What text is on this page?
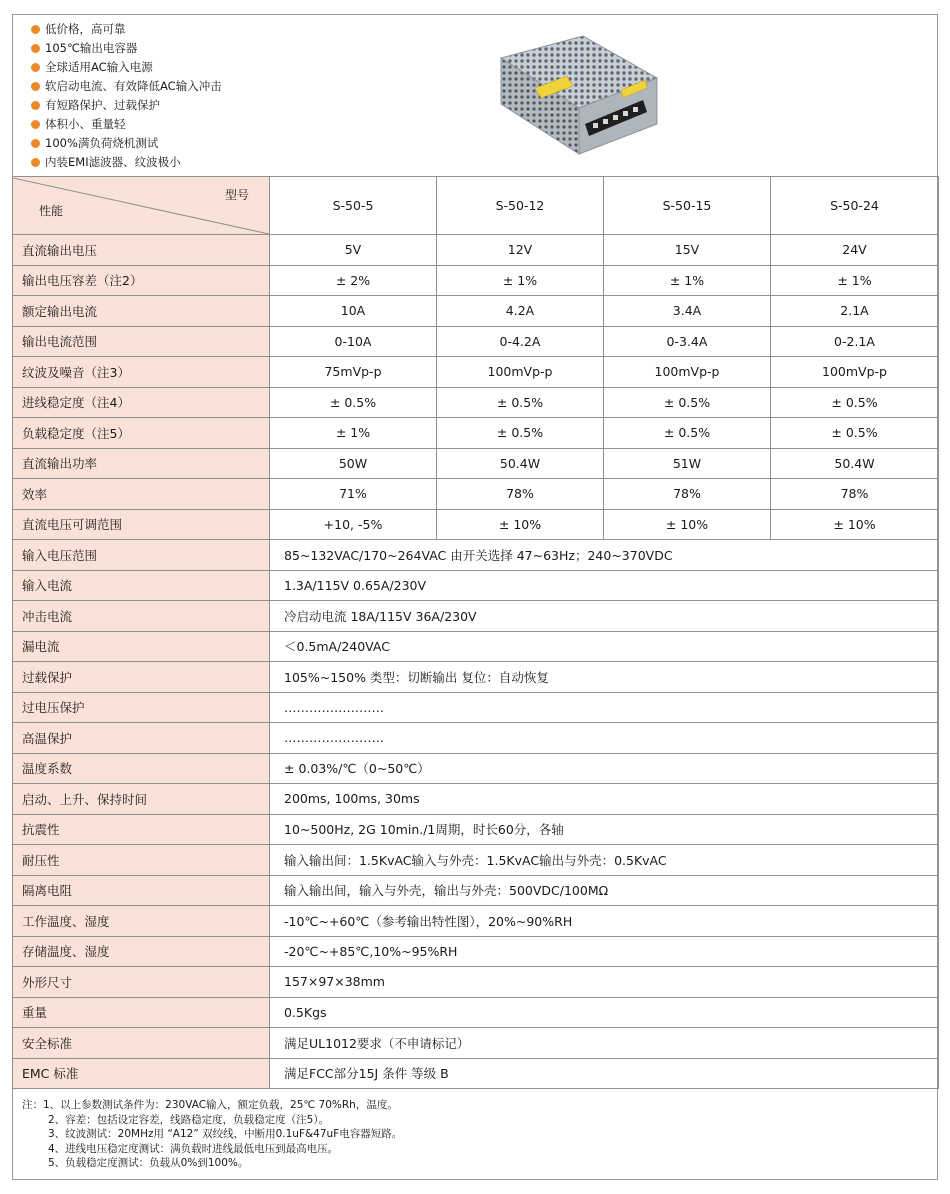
低价格，高可靠
105℃输出电容器
全球适用AC输入电源
软启动电流、有效降低AC输入冲击
有短路保护、过载保护
体积小、重量轻
100%满负荷烧机测试
内装EMI滤波器、纹波极小
型号
性能	S-50-5	S-50-12	S-50-15	S-50-24
直流输出电压	5V	12V	15V	24V
输出电压容差（注2）	± 2%	± 1%	± 1%	± 1%
额定输出电流	10A	4.2A	3.4A	2.1A
输出电流范围	0-10A	0-4.2A	0-3.4A	0-2.1A
纹波及噪音（注3）	75mVp-p	100mVp-p	100mVp-p	100mVp-p
进线稳定度（注4）	± 0.5%	± 0.5%	± 0.5%	± 0.5%
负载稳定度（注5）	± 1%	± 0.5%	± 0.5%	± 0.5%
直流输出功率	50W	50.4W	51W	50.4W
效率	71%	78%	78%	78%
直流电压可调范围	+10, -5%	± 10%	± 10%	± 10%
输入电压范围	85~132VAC/170~264VAC 由开关选择 47~63Hz；240~370VDC			
输入电流	1.3A/115V 0.65A/230V			
冲击电流	冷启动电流 18A/115V 36A/230V			
漏电流	＜0.5mA/240VAC			
过载保护	105%~150% 类型：切断输出 复位：自动恢复			
过电压保护	……………………			
高温保护	……………………			
温度系数	± 0.03%/℃（0~50℃）			
启动、上升、保持时间	200ms, 100ms, 30ms			
抗震性	10~500Hz, 2G 10min./1周期，时长60分，各轴			
耐压性	输入输出间：1.5KvAC输入与外壳：1.5KvAC输出与外壳：0.5KvAC			
隔离电阻	输入输出间，输入与外壳，输出与外壳：500VDC/100MΩ			
工作温度、湿度	-10℃~+60℃（参考输出特性图），20%~90%RH			
存储温度、湿度	-20℃~+85℃,10%~95%RH			
外形尺寸	157×97×38mm			
重量	0.5Kgs			
安全标准	满足UL1012要求（不申请标记）			
EMC 标准	满足FCC部分15J 条件 等级 B			
注：1、以上参数测试条件为：230VAC输入，额定负载，25℃ 70%Rh，温度。
2、容差：包括设定容差，线路稳定度，负载稳定度（注5）。
3、纹波测试：20MHz用 “A12” 双绞线，中断用0.1uF&47uF电容器短路。
4、进线电压稳定度测试：满负载时进线最低电压到最高电压。
5、负载稳定度测试：负载从0%到100%。
